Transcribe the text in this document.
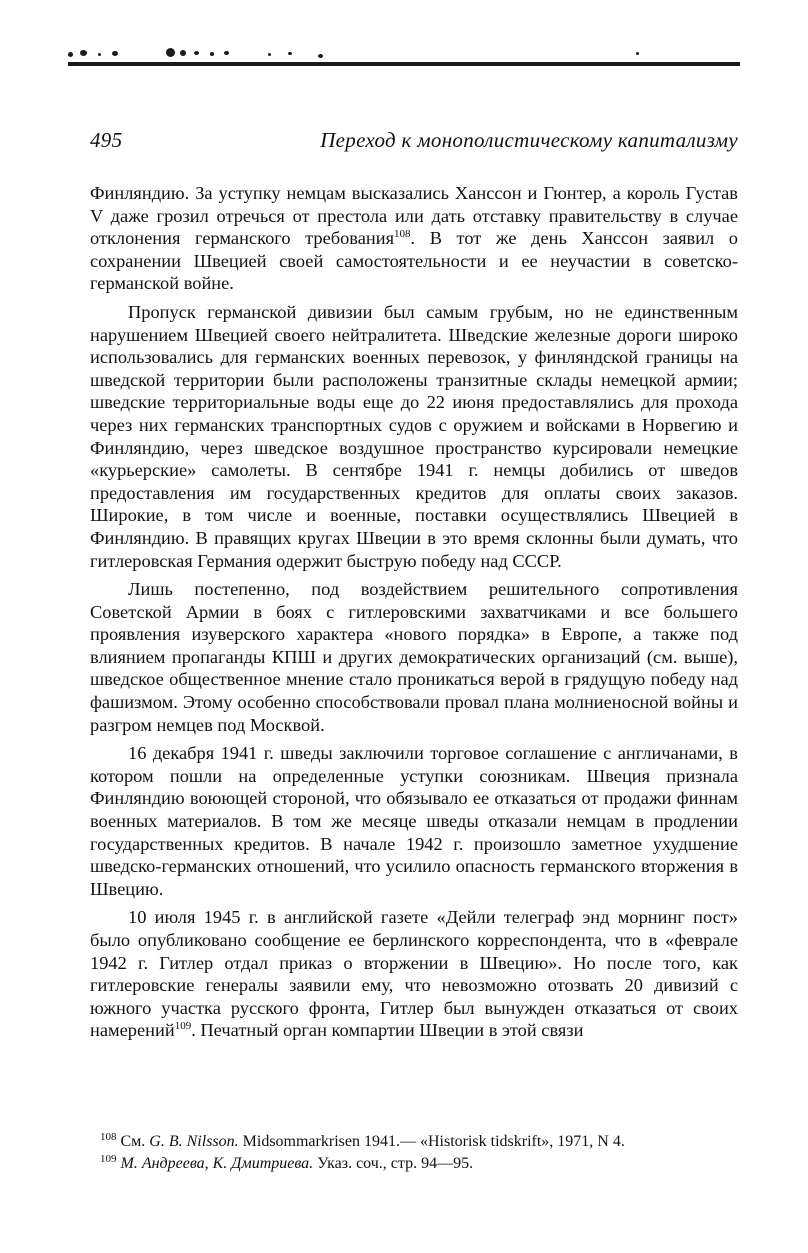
495	Переход к монополистическому капитализму

Финляндию. За уступку немцам высказались Ханссон и Гюнтер, а король Густав V даже грозил отречься от престола или дать отставку правительству в случае отклонения германского требования$^{108}$. В тот же день Ханссон заявил о сохранении Швецией своей самостоятельности и ее неучастии в советско-германской войне.

Пропуск германской дивизии был самым грубым, но не единственным нарушением Швецией своего нейтралитета. Шведские железные дороги широко использовались для германских военных перевозок, у финляндской границы на шведской территории были расположены транзитные склады немецкой армии; шведские территориальные воды еще до 22 июня предоставлялись для прохода через них германских транспортных судов с оружием и войсками в Норвегию и Финляндию, через шведское воздушное пространство курсировали немецкие «курьерские» самолеты. В сентябре 1941 г. немцы добились от шведов предоставления им государственных кредитов для оплаты своих заказов. Широкие, в том числе и военные, поставки осуществлялись Швецией в Финляндию. В правящих кругах Швеции в это время склонны были думать, что гитлеровская Германия одержит быструю победу над СССР.

Лишь постепенно, под воздействием решительного сопротивления Советской Армии в боях с гитлеровскими захватчиками и все большего проявления изуверского характера «нового порядка» в Европе, а также под влиянием пропаганды КПШ и других демократических организаций (см. выше), шведское общественное мнение стало проникаться верой в грядущую победу над фашизмом. Этому особенно способствовали провал плана молниеносной войны и разгром немцев под Москвой.

16 декабря 1941 г. шведы заключили торговое соглашение с англичанами, в котором пошли на определенные уступки союзникам. Швеция признала Финляндию воюющей стороной, что обязывало ее отказаться от продажи финнам военных материалов. В том же месяце шведы отказали немцам в продлении государственных кредитов. В начале 1942 г. произошло заметное ухудшение шведско-германских отношений, что усилило опасность германского вторжения в Швецию.

10 июля 1945 г. в английской газете «Дейли телеграф энд морнинг пост» было опубликовано сообщение ее берлинского корреспондента, что в «феврале 1942 г. Гитлер отдал приказ о вторжении в Швецию». Но после того, как гитлеровские генералы заявили ему, что невозможно отозвать 20 дивизий с южного участка русского фронта, Гитлер был вынужден отказаться от своих намерений$^{109}$. Печатный орган компартии Швеции в этой связи

$^{108}$ См. G. B. Nilsson. Midsommarkrisen 1941.— «Historisk tidskrift», 1971, N 4.
$^{109}$ М. Андреева, К. Дмитриева. Указ. соч., стр. 94—95.
